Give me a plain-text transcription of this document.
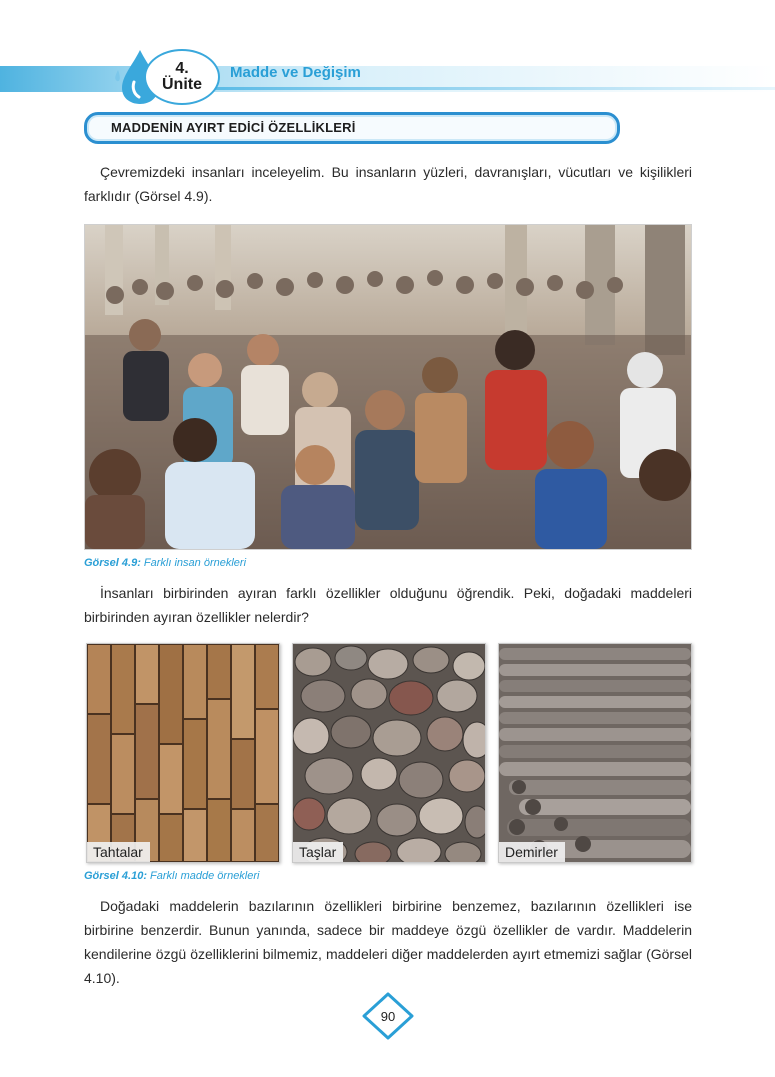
4.
Ünite
Madde ve Değişim
MADDENİN AYIRT EDİCİ ÖZELLİKLERİ
Çevremizdeki insanları inceleyelim. Bu insanların yüzleri, davranışları, vücutları ve kişilikleri farklıdır (Görsel 4.9).
Görsel 4.9: Farklı insan örnekleri
İnsanları birbirinden ayıran farklı özellikler olduğunu öğrendik. Peki, doğadaki maddeleri birbirinden ayıran özellikler nelerdir?
Tahtalar	Taşlar	Demirler
Görsel 4.10: Farklı madde örnekleri
Doğadaki maddelerin bazılarının özellikleri birbirine benzemez, bazılarının özellikleri ise birbirine benzerdir. Bunun yanında, sadece bir maddeye özgü özellikler de vardır. Maddelerin kendilerine özgü özelliklerini bilmemiz, maddeleri diğer maddelerden ayırt etmemizi sağlar (Görsel 4.10).
90
